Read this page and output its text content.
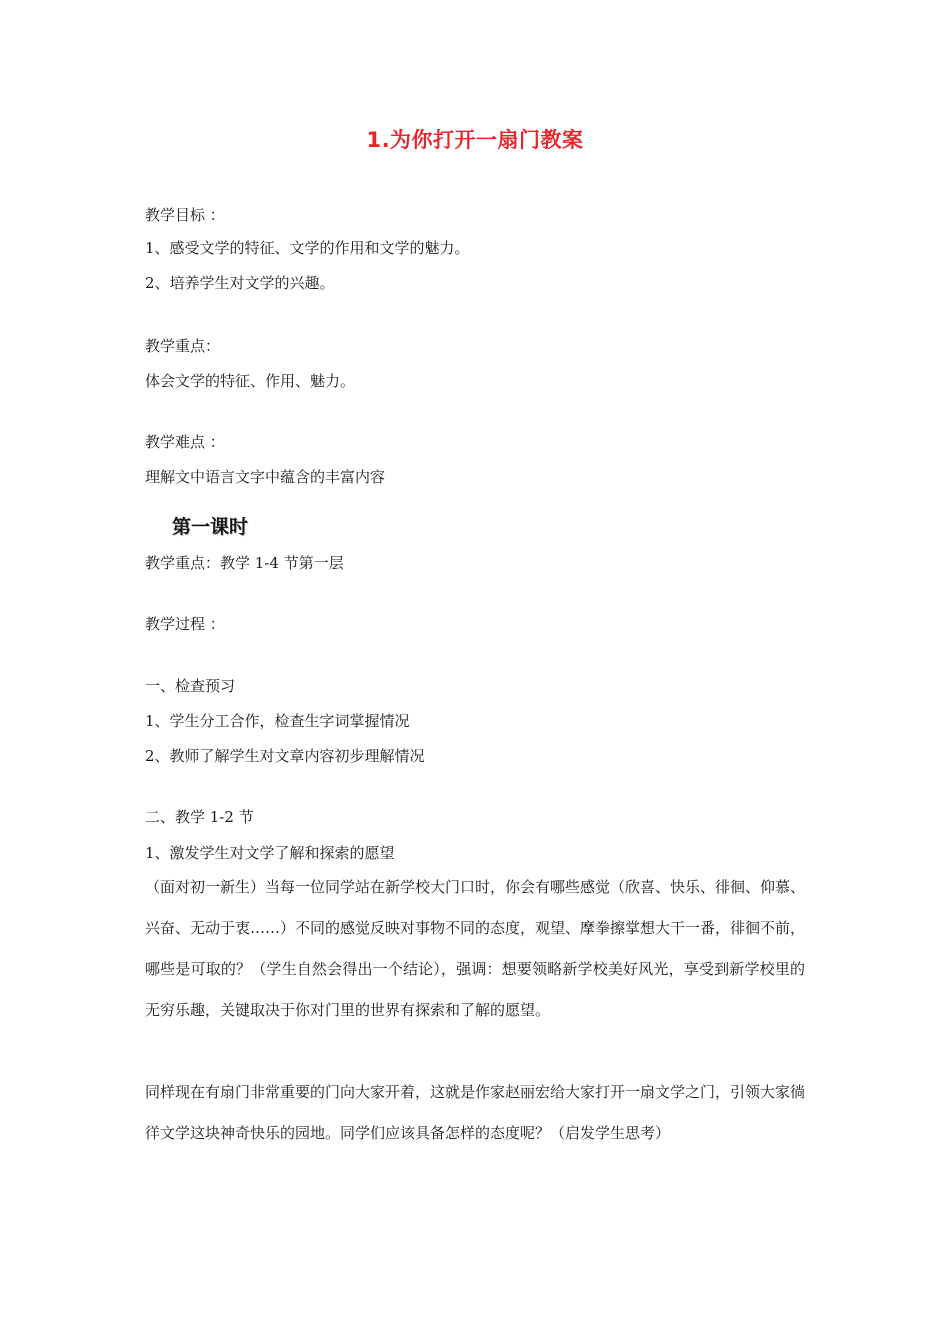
1.为你打开一扇门教案
教学目标 ：
1、感受文学的特征、文学的作用和文学的魅力。
2、培养学生对文学的兴趣。
教学重点：
体会文学的特征、作用、魅力。
教学难点 ：
理解文中语言文字中蕴含的丰富内容
第一课时
教学重点：教学 1-4 节第一层
教学过程 ：
一、检查预习
1、学生分工合作，检查生字词掌握情况
2、教师了解学生对文章内容初步理解情况
二、教学 1-2 节
1、激发学生对文学了解和探索的愿望
（面对初一新生）当每一位同学站在新学校大门口时，你会有哪些感觉（欣喜、快乐、徘徊、仰慕、兴奋、无动于衷……）不同的感觉反映对事物不同的态度，观望、摩拳擦掌想大干一番，徘徊不前，哪些是可取的？（学生自然会得出一个结论），强调：想要领略新学校美好风光，享受到新学校里的无穷乐趣，关键取决于你对门里的世界有探索和了解的愿望。
同样现在有扇门非常重要的门向大家开着，这就是作家赵丽宏给大家打开一扇文学之门，引领大家徜徉文学这块神奇快乐的园地。同学们应该具备怎样的态度呢？（启发学生思考）
